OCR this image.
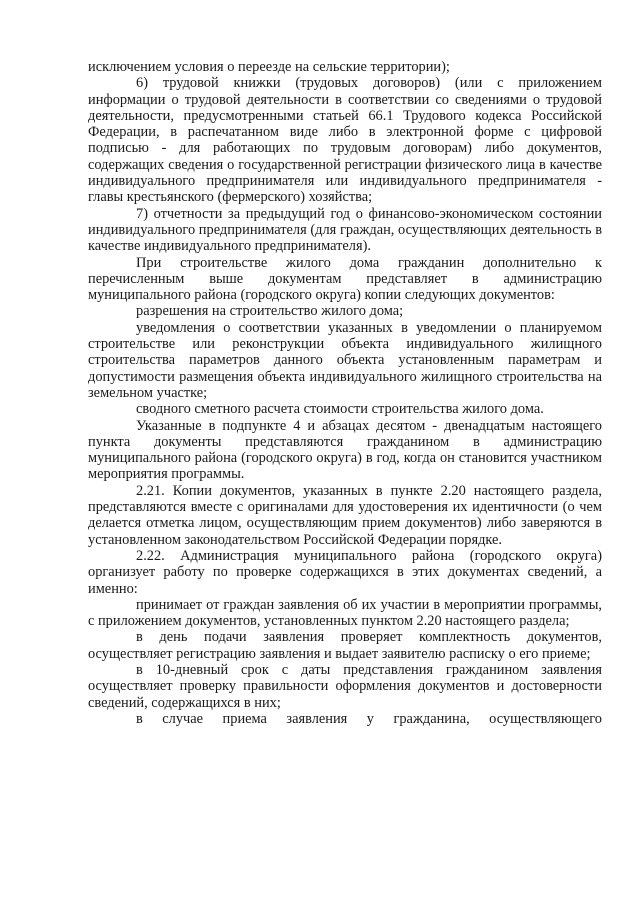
исключением условия о переезде на сельские территории);

6) трудовой книжки (трудовых договоров) (или с приложением информации о трудовой деятельности в соответствии со сведениями о трудовой деятельности, предусмотренными статьей 66.1 Трудового кодекса Российской Федерации, в распечатанном виде либо в электронной форме с цифровой подписью - для работающих по трудовым договорам) либо документов, содержащих сведения о государственной регистрации физического лица в качестве индивидуального предпринимателя или индивидуального предпринимателя - главы крестьянского (фермерского) хозяйства;

7) отчетности за предыдущий год о финансово-экономическом состоянии индивидуального предпринимателя (для граждан, осуществляющих деятельность в качестве индивидуального предпринимателя).

При строительстве жилого дома гражданин дополнительно к перечисленным выше документам представляет в администрацию муниципального района (городского округа) копии следующих документов:

разрешения на строительство жилого дома;

уведомления о соответствии указанных в уведомлении о планируемом строительстве или реконструкции объекта индивидуального жилищного строительства параметров данного объекта установленным параметрам и допустимости размещения объекта индивидуального жилищного строительства на земельном участке;

сводного сметного расчета стоимости строительства жилого дома.

Указанные в подпункте 4 и абзацах десятом - двенадцатым настоящего пункта документы представляются гражданином в администрацию муниципального района (городского округа) в год, когда он становится участником мероприятия программы.

2.21. Копии документов, указанных в пункте 2.20 настоящего раздела, представляются вместе с оригиналами для удостоверения их идентичности (о чем делается отметка лицом, осуществляющим прием документов) либо заверяются в установленном законодательством Российской Федерации порядке.

2.22. Администрация муниципального района (городского округа) организует работу по проверке содержащихся в этих документах сведений, а именно:

принимает от граждан заявления об их участии в мероприятии программы, с приложением документов, установленных пунктом 2.20 настоящего раздела;

в день подачи заявления проверяет комплектность документов, осуществляет регистрацию заявления и выдает заявителю расписку о его приеме;

в 10-дневный срок с даты представления гражданином заявления осуществляет проверку правильности оформления документов и достоверности сведений, содержащихся в них;

в случае приема заявления у гражданина, осуществляющего
